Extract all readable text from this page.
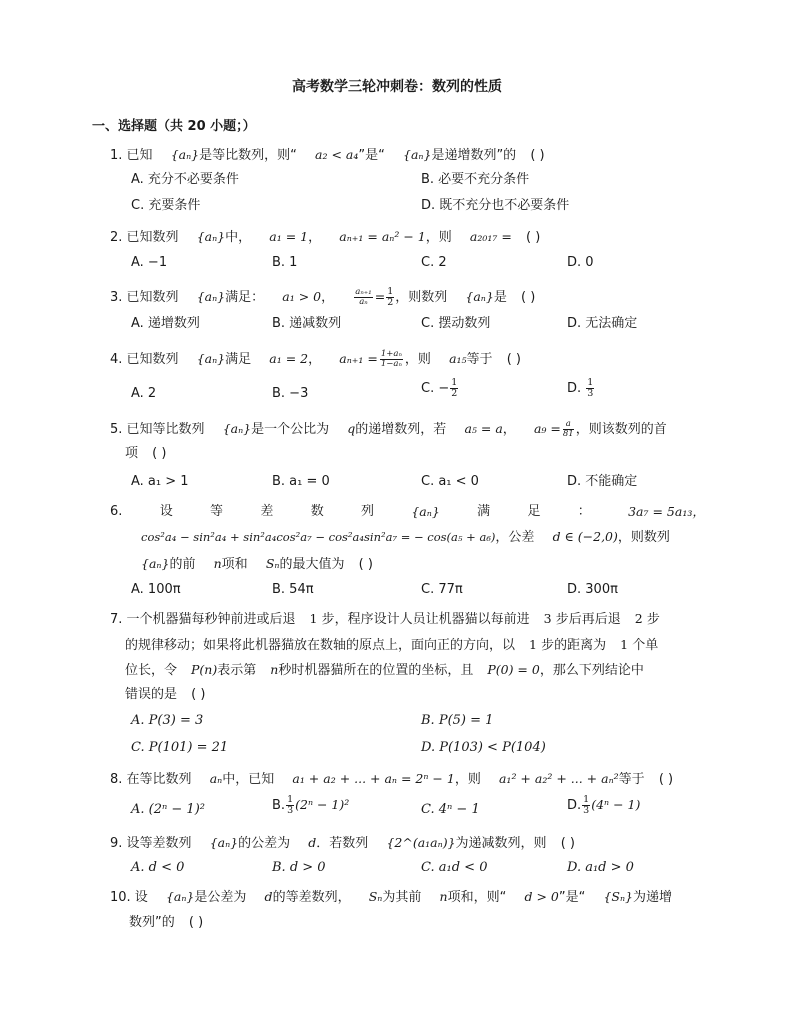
高考数学三轮冲刺卷：数列的性质
一、选择题（共 20 小题；）
1. 已知 {aₙ}是等比数列，则“ a₂ < a₄”是“ {aₙ}是递增数列”的 ( )
A. 充分不必要条件	B. 必要不充分条件
C. 充要条件	D. 既不充分也不必要条件
2. 已知数列 {aₙ}中， a₁ = 1， aₙ₊₁ = aₙ² − 1，则 a₂₀₁₇ = ( )
A. −1	B. 1	C. 2	D. 0
3. 已知数列 {aₙ}满足： a₁ > 0， $\frac{\text{aₙ₊₁}}{\text{aₙ}} = \frac{1}{2}$ ，则数列 {aₙ}是 ( )
A. 递增数列	B. 递减数列	C. 摆动数列	D. 无法确定
4. 已知数列 {aₙ}满足 a₁ = 2， $a_{n+1} = \frac{\text{1+aₙ}}{\text{1−aₙ}}$ ，则 a₁₅等于 ( )
A. 2	B. −3	C. − $\frac{1}{2}$	D. $\frac{1}{3}$
5. 已知等比数列 {aₙ}是一个公比为 q的递增数列，若 a₅ = a， $a_9 = \frac{a}{81}$ ，则该数列的首
项 ( )
A. a₁ > 1	B. a₁ = 0	C. a₁ < 0	D. 不能确定
6.	设	等	差	数	列	{aₙ}	满	足	：	3a₇ = 5a₁₃，
cos²a₄ − sin²a₄ + sin²a₄cos²a₇ − cos²a₄sin²a₇ = − cos(a₅ + a₆)，公差 d ∈ (−2,0)，则数列
{aₙ}的前 n项和 Sₙ的最大值为 ( )
A. 100π	B. 54π	C. 77π	D. 300π
7. 一个机器猫每秒钟前进或后退 1 步，程序设计人员让机器猫以每前进 3 步后再后退 2 步
的规律移动；如果将此机器猫放在数轴的原点上，面向正的方向，以 1 步的距离为 1 个单
位长，令 P(n)表示第 n秒时机器猫所在的位置的坐标，且 P(0) = 0，那么下列结论中
错误的是 ( )
A. P(3) = 3	B. P(5) = 1
C. P(101) = 21	D. P(103) < P(104)
8. 在等比数列 aₙ中，已知 a₁ + a₂ + ... + aₙ = 2ⁿ − 1，则 a₁² + a₂² + ... + aₙ²等于 ( )
A. (2ⁿ − 1)²	B. $\frac{1}{3} (2^n - 1)^2$	C. 4ⁿ − 1	D. $\frac{1}{3} (4^n - 1)$
9. 设等差数列 {aₙ}的公差为 d．若数列 {2^(a₁aₙ)}为递减数列，则 ( )
A. d < 0	B. d > 0	C. a₁d < 0	D. a₁d > 0
10. 设 {aₙ}是公差为 d的等差数列， Sₙ为其前 n项和，则“ d > 0”是“ {Sₙ}为递增
数列”的 ( )
